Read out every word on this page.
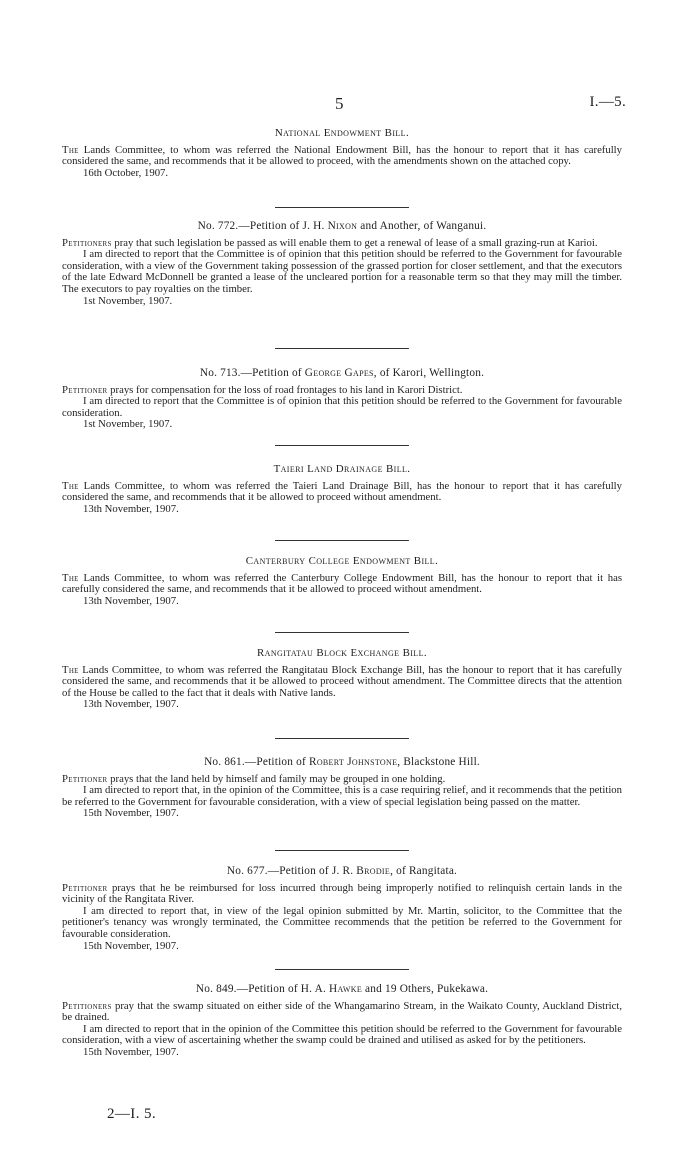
5	I.—5.
National Endowment Bill.

The Lands Committee, to whom was referred the National Endowment Bill, has the honour to report that it has carefully considered the same, and recommends that it be allowed to proceed, with the amendments shown on the attached copy.

16th October, 1907.
No. 772.—Petition of J. H. Nixon and Another, of Wanganui.

Petitioners pray that such legislation be passed as will enable them to get a renewal of lease of a small grazing-run at Karioi.

I am directed to report that the Committee is of opinion that this petition should be referred to the Government for favourable consideration, with a view of the Government taking possession of the grassed portion for closer settlement, and that the executors of the late Edward McDonnell be granted a lease of the uncleared portion for a reasonable term so that they may mill the timber. The executors to pay royalties on the timber.

1st November, 1907.
No. 713.—Petition of George Gapes, of Karori, Wellington.

Petitioner prays for compensation for the loss of road frontages to his land in Karori District.

I am directed to report that the Committee is of opinion that this petition should be referred to the Government for favourable consideration.

1st November, 1907.
Taieri Land Drainage Bill.

The Lands Committee, to whom was referred the Taieri Land Drainage Bill, has the honour to report that it has carefully considered the same, and recommends that it be allowed to proceed without amendment.

13th November, 1907.
Canterbury College Endowment Bill.

The Lands Committee, to whom was referred the Canterbury College Endowment Bill, has the honour to report that it has carefully considered the same, and recommends that it be allowed to proceed without amendment.

13th November, 1907.
Rangitatau Block Exchange Bill.

The Lands Committee, to whom was referred the Rangitatau Block Exchange Bill, has the honour to report that it has carefully considered the same, and recommends that it be allowed to proceed without amendment. The Committee directs that the attention of the House be called to the fact that it deals with Native lands.

13th November, 1907.
No. 861.—Petition of Robert Johnstone, Blackstone Hill.

Petitioner prays that the land held by himself and family may be grouped in one holding.

I am directed to report that, in the opinion of the Committee, this is a case requiring relief, and it recommends that the petition be referred to the Government for favourable consideration, with a view of special legislation being passed on the matter.

15th November, 1907.
No. 677.—Petition of J. R. Brodie, of Rangitata.

Petitioner prays that he be reimbursed for loss incurred through being improperly notified to relinquish certain lands in the vicinity of the Rangitata River.

I am directed to report that, in view of the legal opinion submitted by Mr. Martin, solicitor, to the Committee that the petitioner's tenancy was wrongly terminated, the Committee recommends that the petition be referred to the Government for favourable consideration.

15th November, 1907.
No. 849.—Petition of H. A. Hawke and 19 Others, Pukekawa.

Petitioners pray that the swamp situated on either side of the Whangamarino Stream, in the Waikato County, Auckland District, be drained.

I am directed to report that in the opinion of the Committee this petition should be referred to the Government for favourable consideration, with a view of ascertaining whether the swamp could be drained and utilised as asked for by the petitioners.

15th November, 1907.
2—I. 5.
